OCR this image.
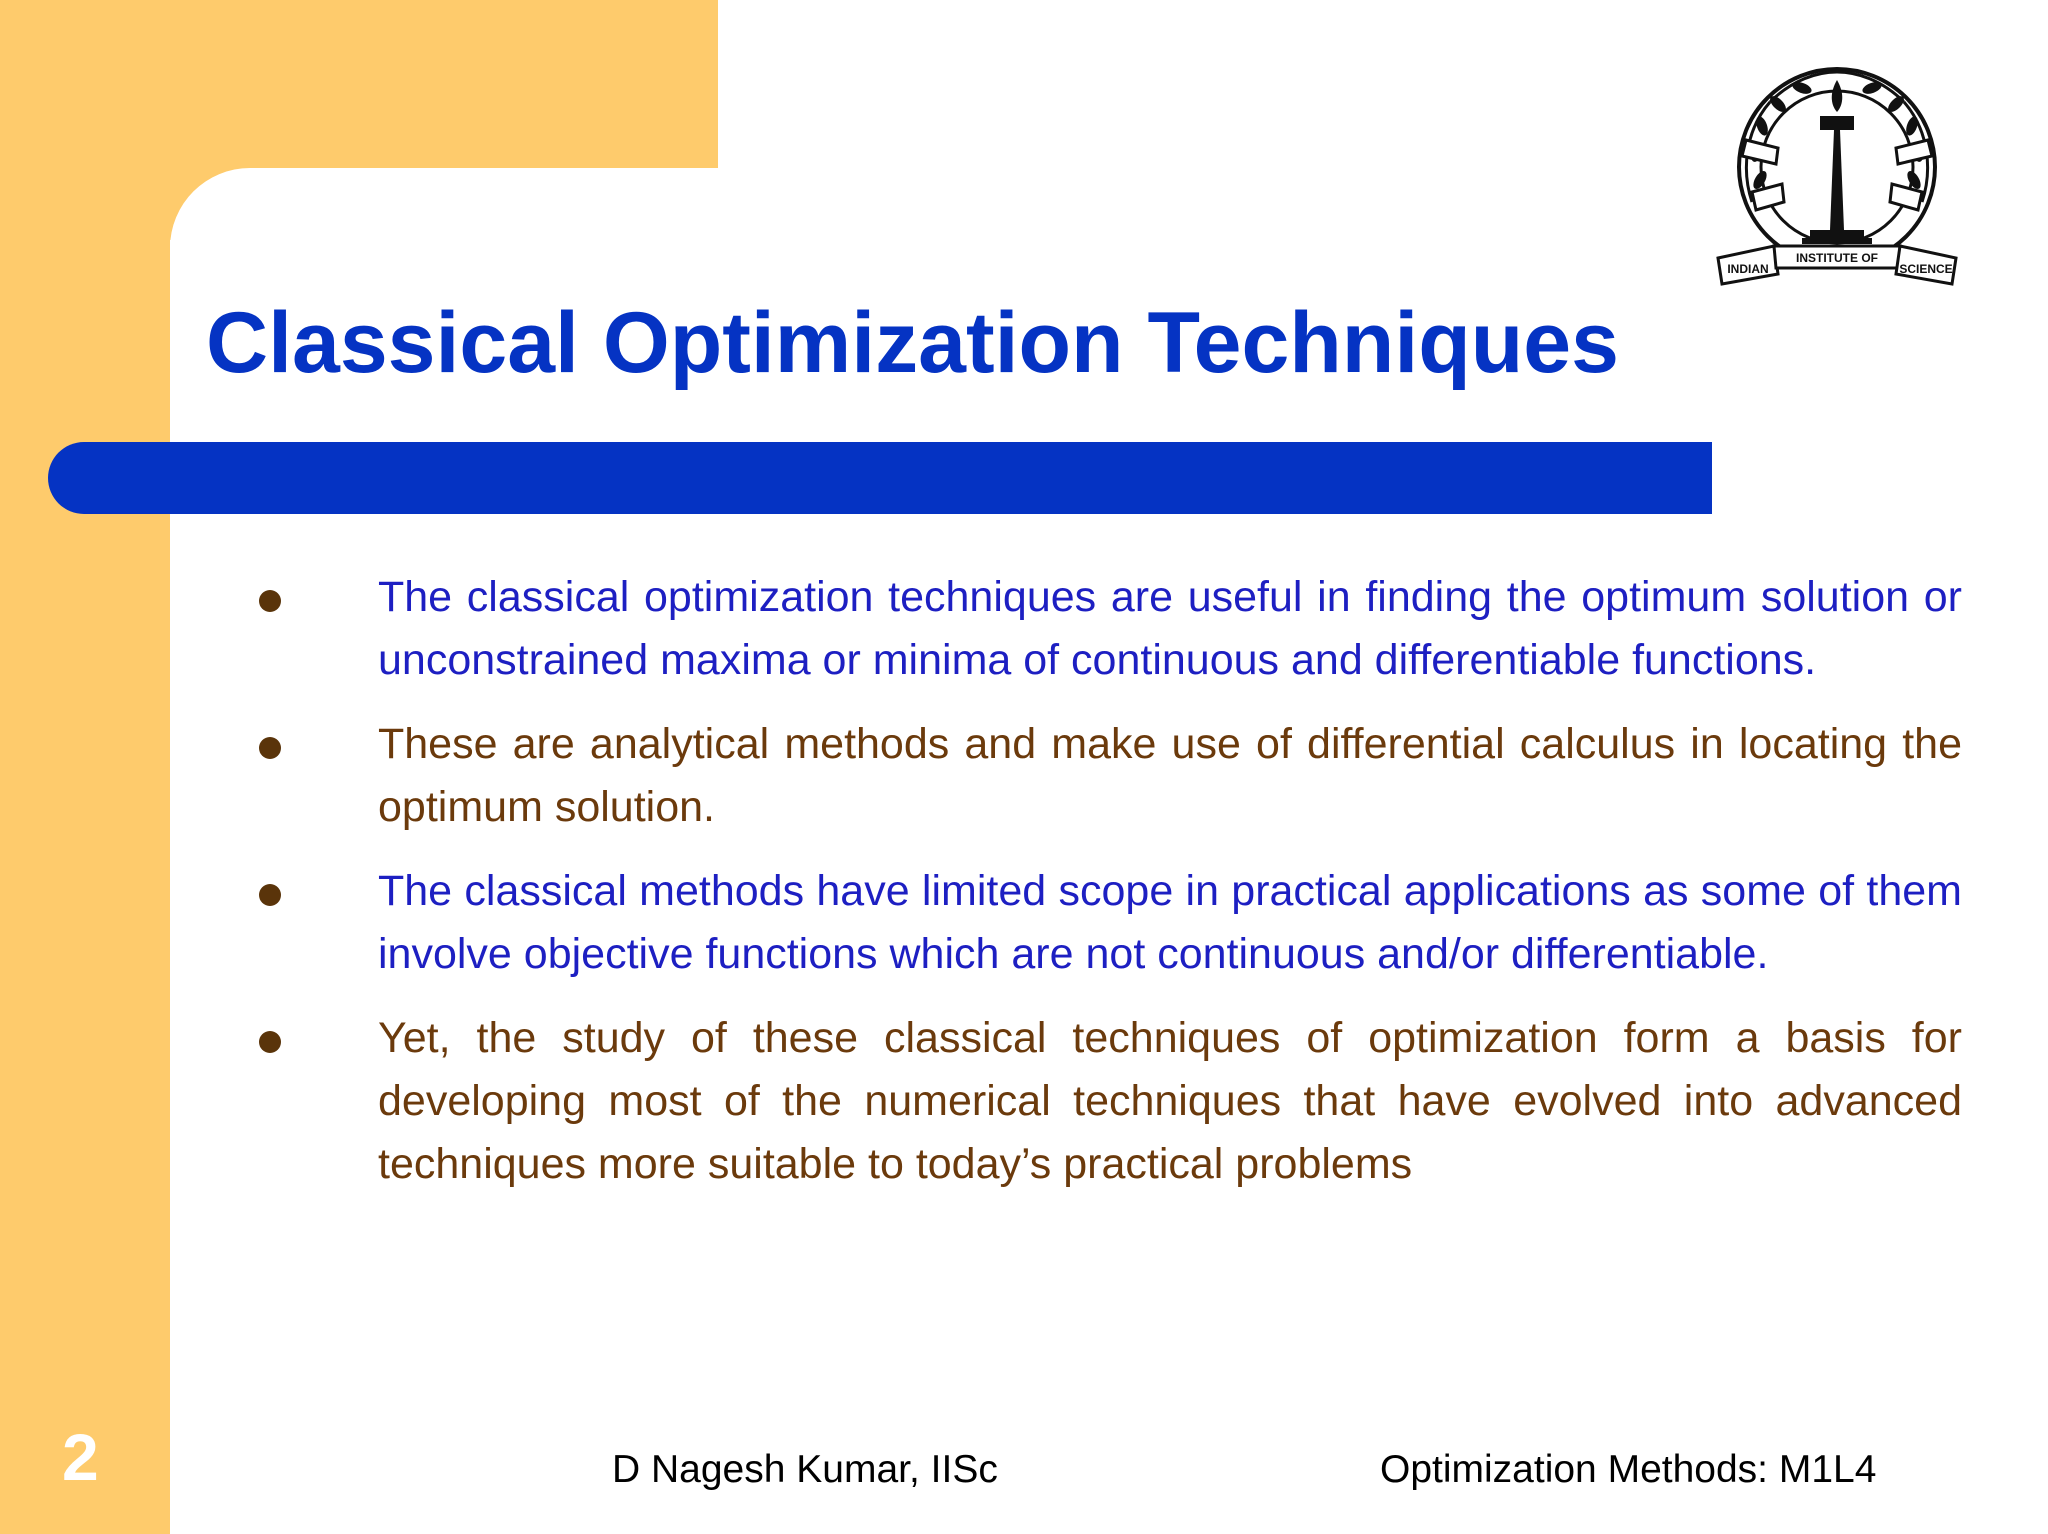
INDIAN
INSTITUTE OF
SCIENCE
Classical Optimization Techniques
The classical optimization techniques are useful in finding the optimum solution or unconstrained maxima or minima of continuous and differentiable functions.
These are analytical methods and make use of differential calculus in locating the optimum solution.
The classical methods have limited scope in practical applications as some of them involve objective functions which are not continuous and/or differentiable.
Yet, the study of these classical techniques of optimization form a basis for developing most of the numerical techniques that have evolved into advanced techniques more suitable to today’s practical problems
2	D Nagesh Kumar, IISc	Optimization Methods: M1L4
